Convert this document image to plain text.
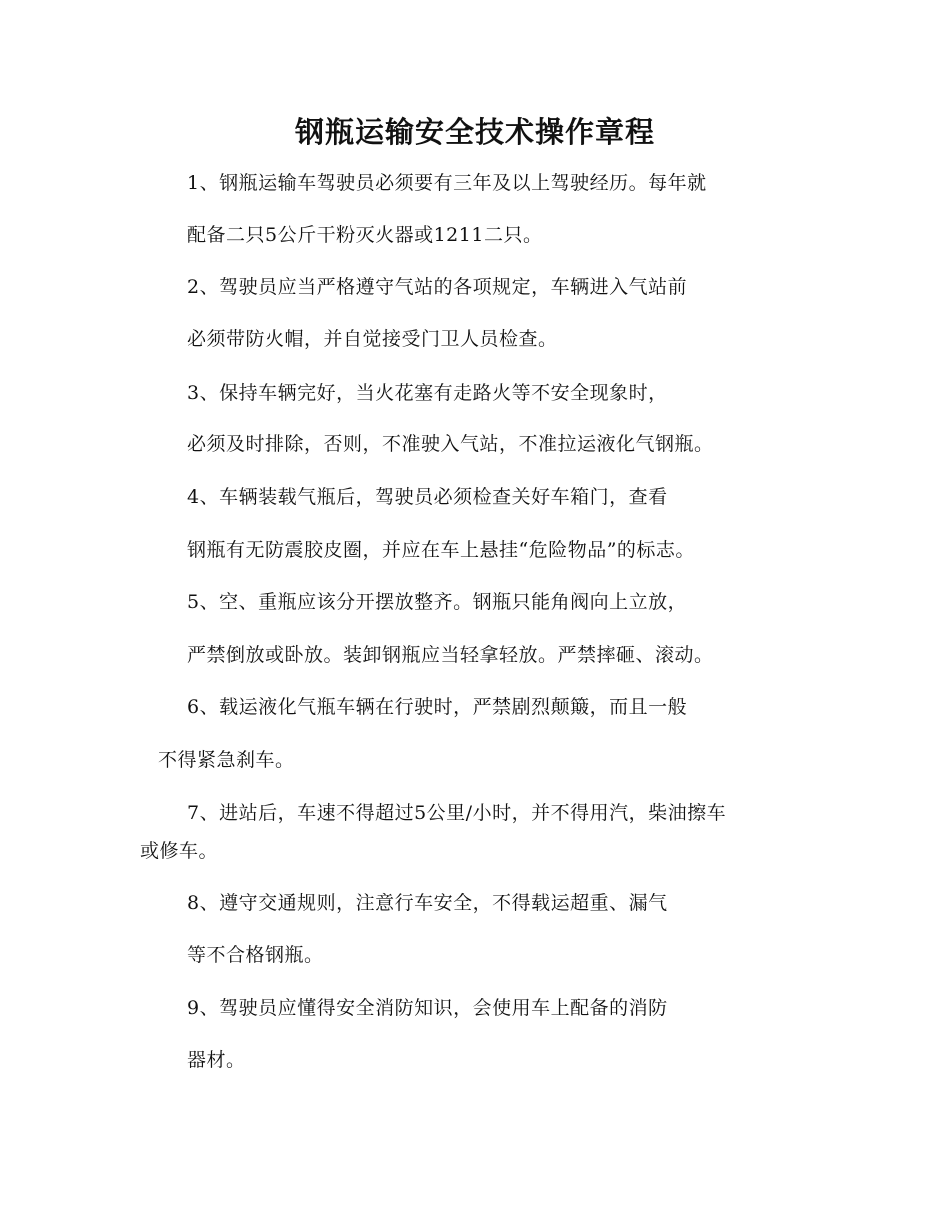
钢瓶运输安全技术操作章程
1、钢瓶运输车驾驶员必须要有三年及以上驾驶经历。每年就
配备二只5公斤干粉灭火器或1211二只。
2、驾驶员应当严格遵守气站的各项规定，车辆进入气站前
必须带防火帽，并自觉接受门卫人员检查。
3、保持车辆完好，当火花塞有走路火等不安全现象时，
必须及时排除，否则，不准驶入气站，不准拉运液化气钢瓶。
4、车辆装载气瓶后，驾驶员必须检查关好车箱门，查看
钢瓶有无防震胶皮圈，并应在车上悬挂“危险物品”的标志。
5、空、重瓶应该分开摆放整齐。钢瓶只能角阀向上立放，
严禁倒放或卧放。装卸钢瓶应当轻拿轻放。严禁摔砸、滚动。
6、载运液化气瓶车辆在行驶时，严禁剧烈颠簸，而且一般
不得紧急刹车。
7、进站后，车速不得超过5公里/小时，并不得用汽，柴油擦车
或修车。
8、遵守交通规则，注意行车安全，不得载运超重、漏气
等不合格钢瓶。
9、驾驶员应懂得安全消防知识，会使用车上配备的消防
器材。
